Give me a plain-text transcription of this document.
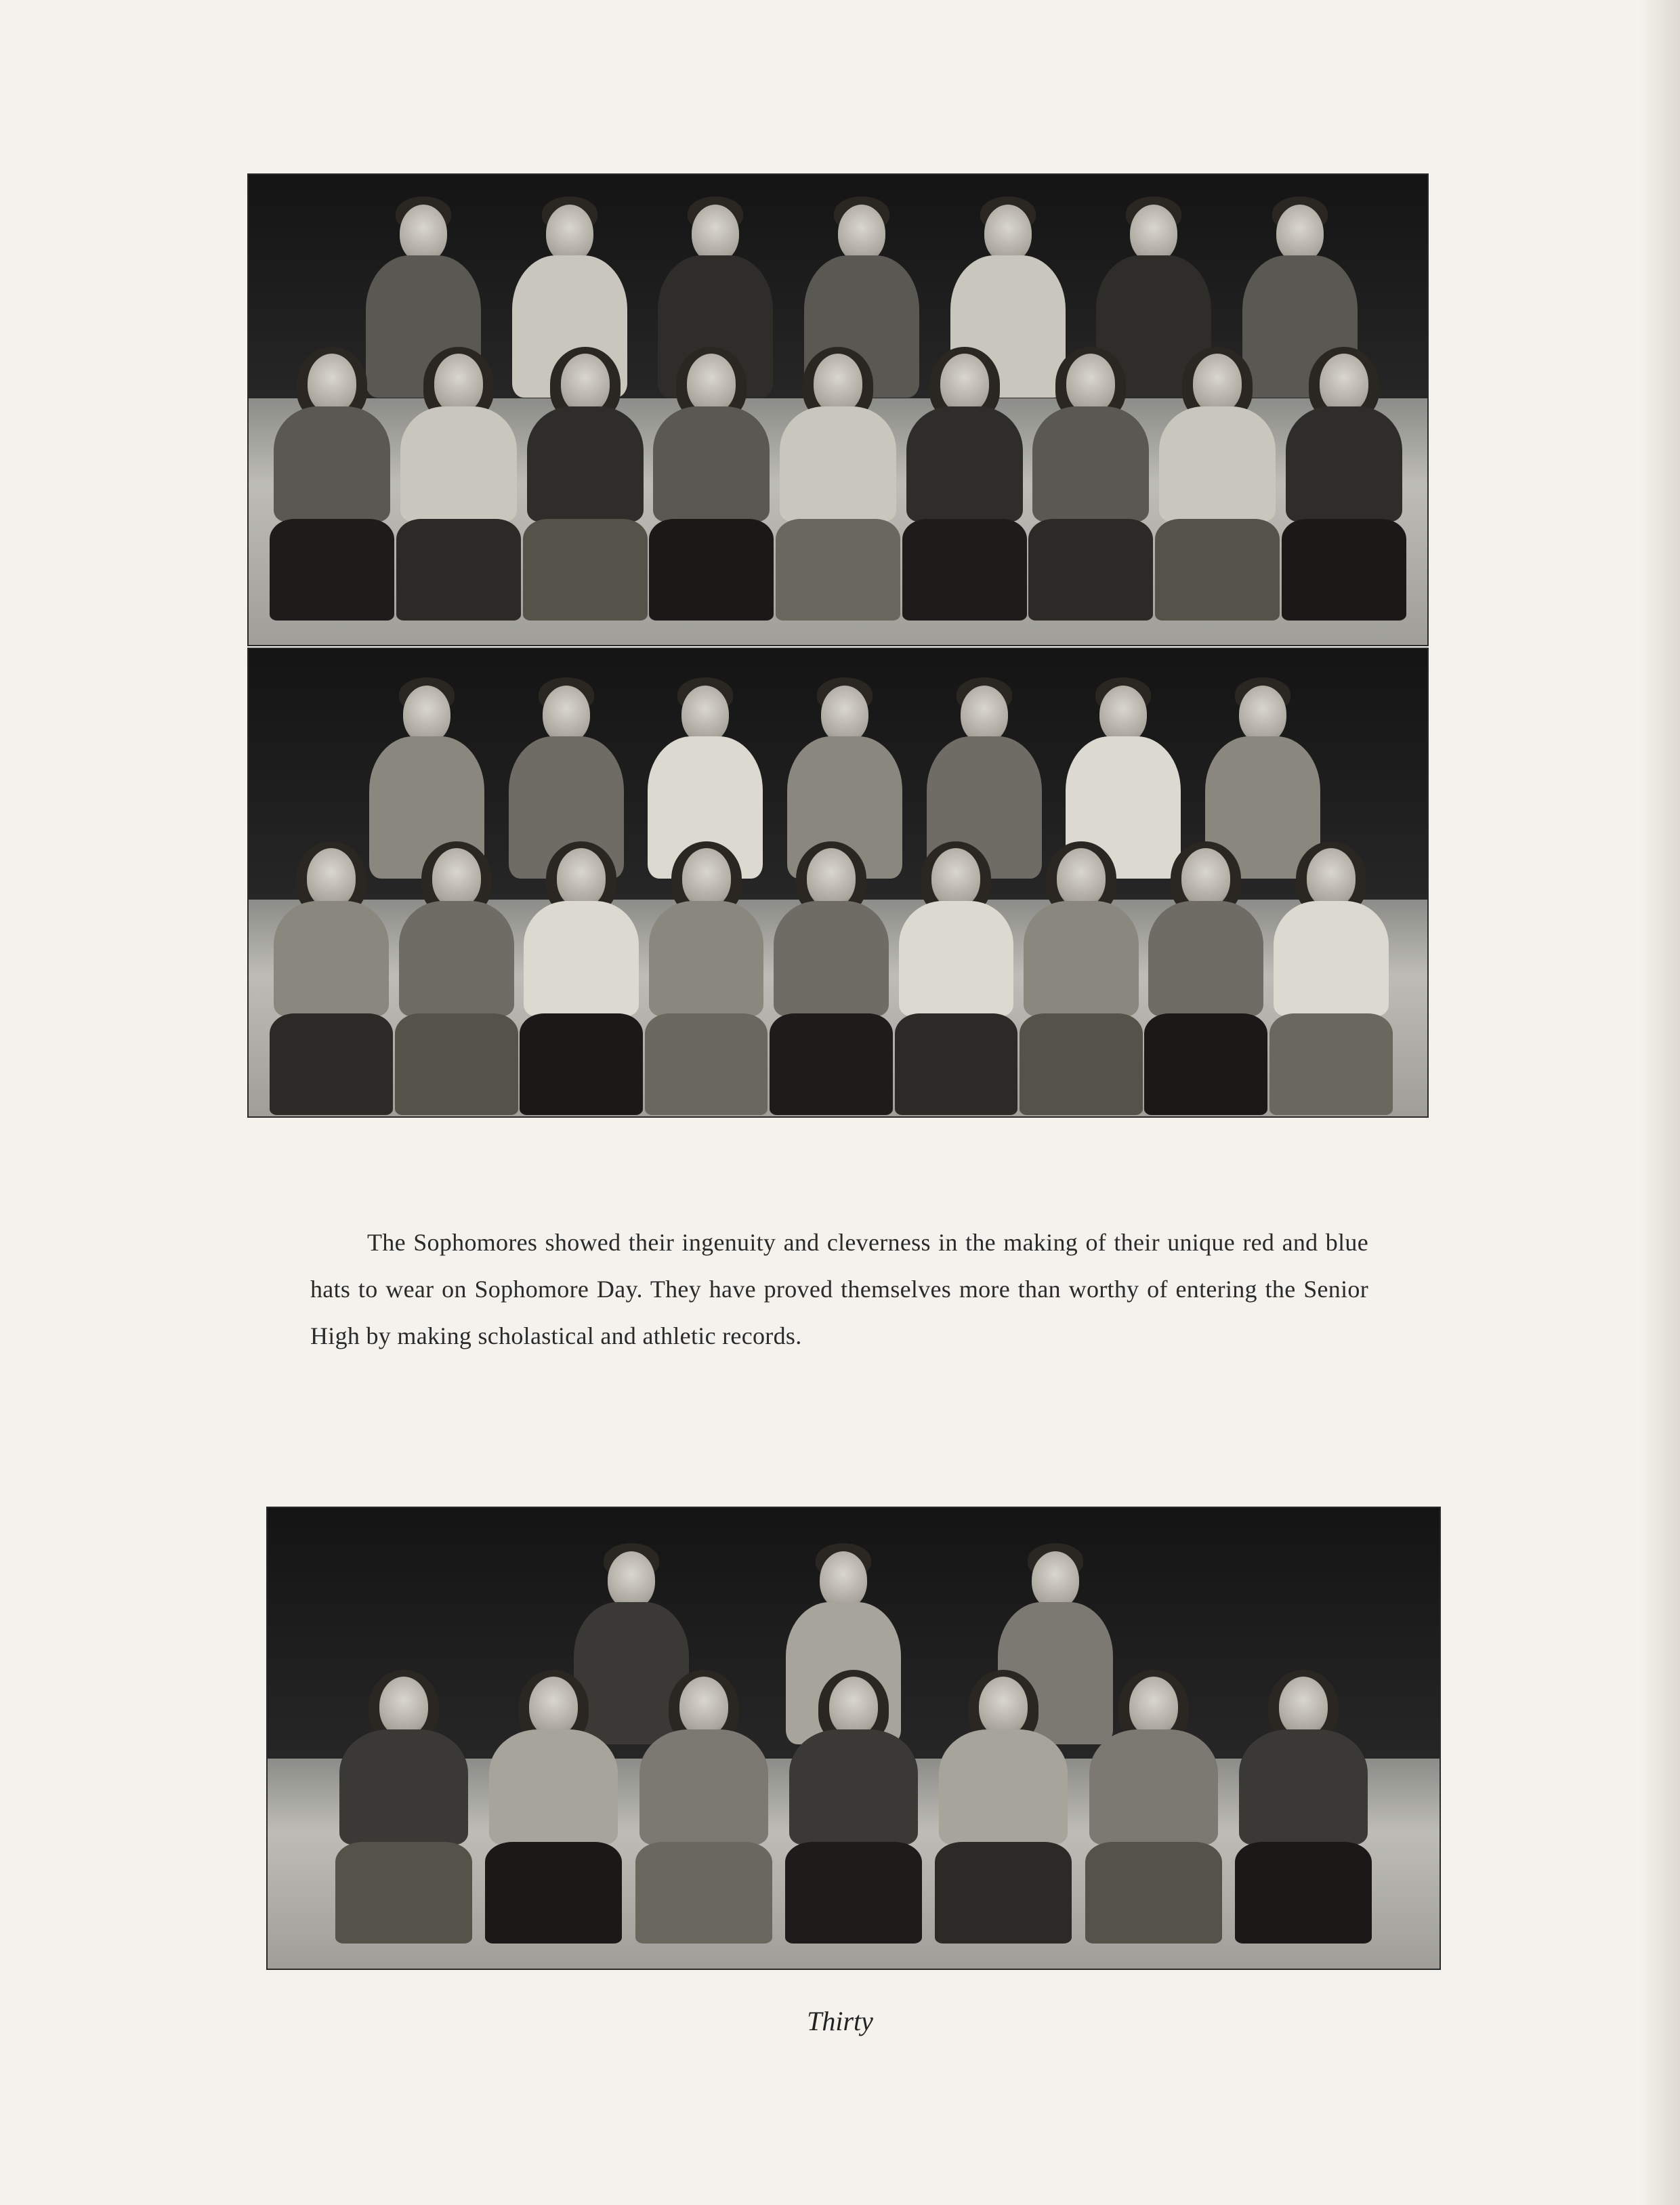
The Sophomores showed their ingenuity and cleverness in the making of their unique red and blue hats to wear on Sophomore Day. They have proved themselves more than worthy of entering the Senior High by making scholastical and athletic records.
Thirty
